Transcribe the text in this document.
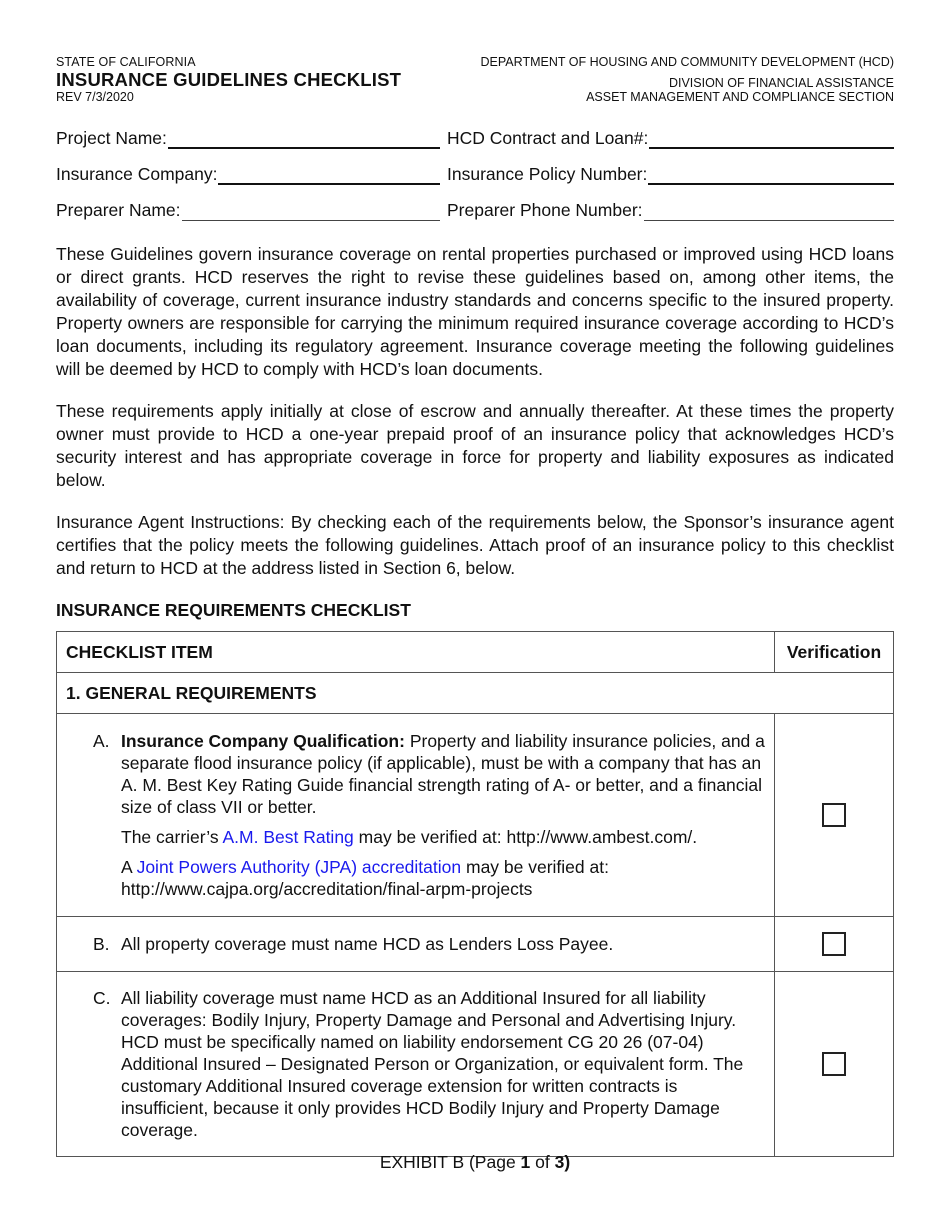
STATE OF CALIFORNIA
INSURANCE GUIDELINES CHECKLIST
REV 7/3/2020
DEPARTMENT OF HOUSING AND COMMUNITY DEVELOPMENT (HCD)
DIVISION OF FINANCIAL ASSISTANCE
ASSET MANAGEMENT AND COMPLIANCE SECTION
Project Name:	HCD Contract and Loan#:
Insurance Company:	Insurance Policy Number:
Preparer Name:	Preparer Phone Number:

These Guidelines govern insurance coverage on rental properties purchased or improved using HCD loans or direct grants. HCD reserves the right to revise these guidelines based on, among other items, the availability of coverage, current insurance industry standards and concerns specific to the insured property. Property owners are responsible for carrying the minimum required insurance coverage according to HCD’s loan documents, including its regulatory agreement. Insurance coverage meeting the following guidelines will be deemed by HCD to comply with HCD’s loan documents.

These requirements apply initially at close of escrow and annually thereafter. At these times the property owner must provide to HCD a one-year prepaid proof of an insurance policy that acknowledges HCD’s security interest and has appropriate coverage in force for property and liability exposures as indicated below.

Insurance Agent Instructions: By checking each of the requirements below, the Sponsor’s insurance agent certifies that the policy meets the following guidelines. Attach proof of an insurance policy to this checklist and return to HCD at the address listed in Section 6, below.

INSURANCE REQUIREMENTS CHECKLIST
CHECKLIST ITEM	Verification
1. GENERAL REQUIREMENTS	

A. Insurance Company Qualification: Property and liability insurance policies, and a separate flood insurance policy (if applicable), must be with a company that has an A. M. Best Key Rating Guide financial strength rating of A- or better, and a financial size of class VII or better.
The carrier’s A.M. Best Rating may be verified at: http://www.ambest.com/.
A Joint Powers Authority (JPA) accreditation may be verified at: http://www.cajpa.org/accreditation/final-arpm-projects	

B. All property coverage must name HCD as Lenders Loss Payee.	

C. All liability coverage must name HCD as an Additional Insured for all liability coverages: Bodily Injury, Property Damage and Personal and Advertising Injury. HCD must be specifically named on liability endorsement CG 20 26 (07-04) Additional Insured – Designated Person or Organization, or equivalent form. The customary Additional Insured coverage extension for written contracts is insufficient, because it only provides HCD Bodily Injury and Property Damage coverage.	

EXHIBIT B (Page 1 of 3)
